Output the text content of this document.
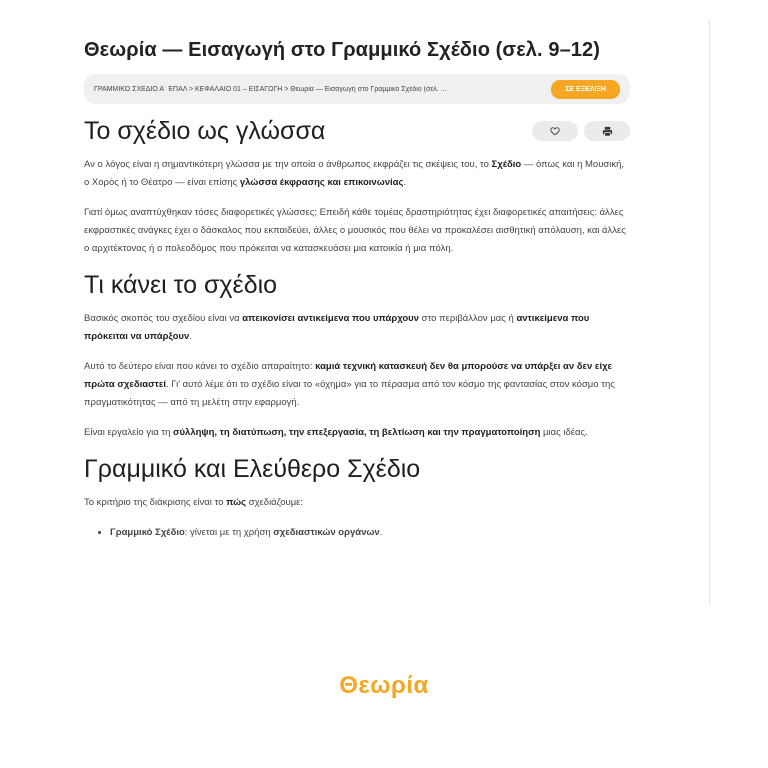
Θεωρία — Εισαγωγή στο Γραμμικό Σχέδιο (σελ. 9–12)
ΓΡΑΜΜΙΚΟ ΣΧΕΔΙΟ Α΄ ΕΠΑΛ > ΚΕΦΑΛΑΙΟ 01 – ΕΙΣΑΓΩΓΗ > Θεωρία — Εισαγωγή στο Γραμμικό Σχέδιο (σελ. ...	ΣΕ ΕΞΕΛΙΞΗ
Το σχέδιο ως γλώσσα

Αν ο λόγος είναι η σημαντικότερη γλώσσα με την οποία ο άνθρωπος εκφράζει τις σκέψεις του, το Σχέδιο — όπως και η Μουσική, ο Χορός ή το Θέατρο — είναι επίσης γλώσσα έκφρασης και επικοινωνίας.

Γιατί όμως αναπτύχθηκαν τόσες διαφορετικές γλώσσες; Επειδή κάθε τομέας δραστηριότητας έχει διαφορετικές απαιτήσεις: άλλες εκφραστικές ανάγκες έχει ο δάσκαλος που εκπαιδεύει, άλλες ο μουσικός που θέλει να προκαλέσει αισθητική απόλαυση, και άλλες ο αρχιτέκτονας ή ο πολεοδόμος που πρόκειται να κατασκευάσει μια κατοικία ή μια πόλη.

Τι κάνει το σχέδιο

Βασικός σκοπός του σχεδίου είναι να απεικονίσει αντικείμενα που υπάρχουν στο περιβάλλον μας ή αντικείμενα που πρόκειται να υπάρξουν.

Αυτό το δεύτερο είναι που κάνει το σχέδιο απαραίτητο: καμιά τεχνική κατασκευή δεν θα μπορούσε να υπάρξει αν δεν είχε πρώτα σχεδιαστεί. Γι' αυτό λέμε ότι το σχέδιο είναι το «όχημα» για το πέρασμα από τον κόσμο της φαντασίας στον κόσμο της πραγματικότητας — από τη μελέτη στην εφαρμογή.

Είναι εργαλείο για τη σύλληψη, τη διατύπωση, την επεξεργασία, τη βελτίωση και την πραγματοποίηση μιας ιδέας.

Γραμμικό και Ελεύθερο Σχέδιο

Το κριτήριο της διάκρισης είναι το πώς σχεδιάζουμε:

• Γραμμικό Σχέδιο: γίνεται με τη χρήση σχεδιαστικών οργάνων.
Θεωρία
